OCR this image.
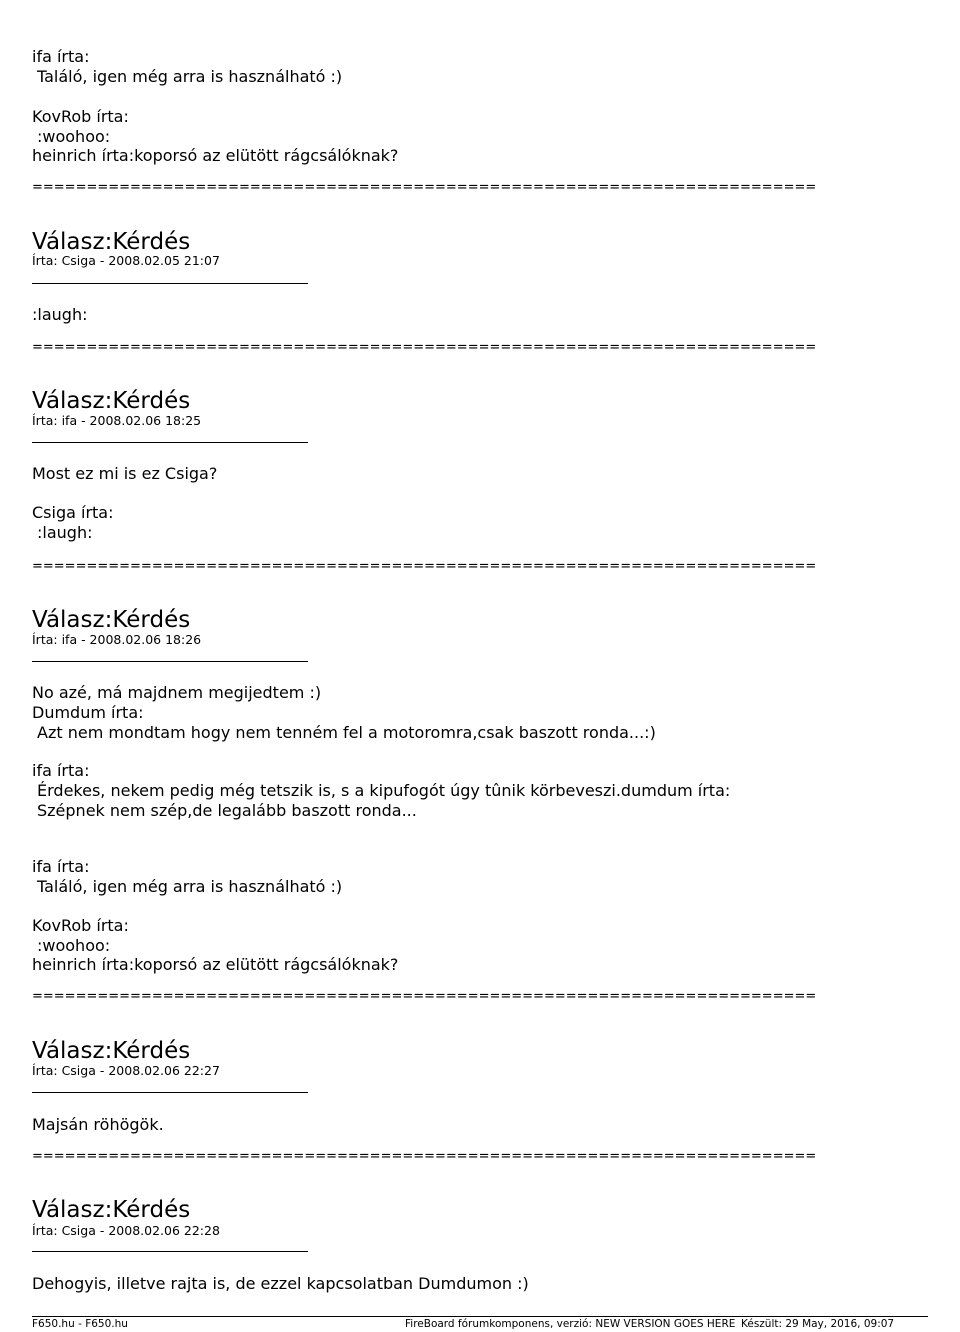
ifa írta:
Találó, igen még arra is használható :)
KovRob írta:
:woohoo:
heinrich írta:koporsó az elütött rágcsálóknak?
========================================================================
Válasz:Kérdés
Írta: Csiga - 2008.02.05 21:07
:laugh:
========================================================================
Válasz:Kérdés
Írta: ifa - 2008.02.06 18:25
Most ez mi is ez Csiga?
Csiga írta:
:laugh:
========================================================================
Válasz:Kérdés
Írta: ifa - 2008.02.06 18:26
No azé, má majdnem megijedtem :)
Dumdum írta:
Azt nem mondtam hogy nem tenném fel a motoromra,csak baszott ronda...:)
ifa írta:
Érdekes, nekem pedig még tetszik is, s a kipufogót úgy tûnik körbeveszi.dumdum írta:
Szépnek nem szép,de legalább baszott ronda...
ifa írta:
Találó, igen még arra is használható :)
KovRob írta:
:woohoo:
heinrich írta:koporsó az elütött rágcsálóknak?
========================================================================
Válasz:Kérdés
Írta: Csiga - 2008.02.06 22:27
Majsán röhögök.
========================================================================
Válasz:Kérdés
Írta: Csiga - 2008.02.06 22:28
Dehogyis, illetve rajta is, de ezzel kapcsolatban Dumdumon :)
F650.hu - F650.hu	FireBoard fórumkomponens, verzió: NEW VERSION GOES HERE Készült: 29 May, 2016, 09:07
